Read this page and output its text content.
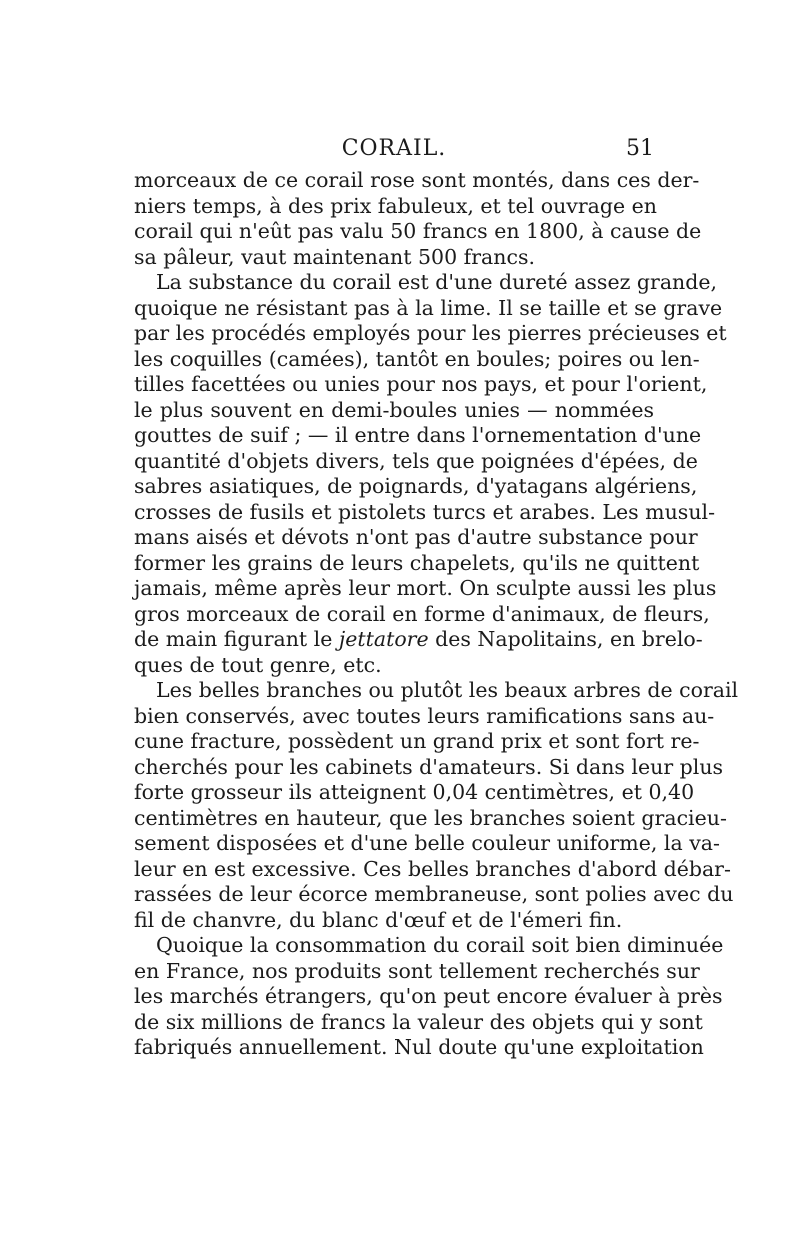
CORAIL.	51
morceaux de ce corail rose sont montés, dans ces der-
niers temps, à des prix fabuleux, et tel ouvrage en
corail qui n'eût pas valu 50 francs en 1800, à cause de
sa pâleur, vaut maintenant 500 francs.
La substance du corail est d'une dureté assez grande,
quoique ne résistant pas à la lime. Il se taille et se grave
par les procédés employés pour les pierres précieuses et
les coquilles (camées), tantôt en boules; poires ou len-
tilles facettées ou unies pour nos pays, et pour l'orient,
le plus souvent en demi-boules unies — nommées
gouttes de suif ; — il entre dans l'ornementation d'une
quantité d'objets divers, tels que poignées d'épées, de
sabres asiatiques, de poignards, d'yatagans algériens,
crosses de fusils et pistolets turcs et arabes. Les musul-
mans aisés et dévots n'ont pas d'autre substance pour
former les grains de leurs chapelets, qu'ils ne quittent
jamais, même après leur mort. On sculpte aussi les plus
gros morceaux de corail en forme d'animaux, de fleurs,
de main figurant le jettatore des Napolitains, en brelo-
ques de tout genre, etc.
Les belles branches ou plutôt les beaux arbres de corail
bien conservés, avec toutes leurs ramifications sans au-
cune fracture, possèdent un grand prix et sont fort re-
cherchés pour les cabinets d'amateurs. Si dans leur plus
forte grosseur ils atteignent 0,04 centimètres, et 0,40
centimètres en hauteur, que les branches soient gracieu-
sement disposées et d'une belle couleur uniforme, la va-
leur en est excessive. Ces belles branches d'abord débar-
rassées de leur écorce membraneuse, sont polies avec du
fil de chanvre, du blanc d'œuf et de l'émeri fin.
Quoique la consommation du corail soit bien diminuée
en France, nos produits sont tellement recherchés sur
les marchés étrangers, qu'on peut encore évaluer à près
de six millions de francs la valeur des objets qui y sont
fabriqués annuellement. Nul doute qu'une exploitation
